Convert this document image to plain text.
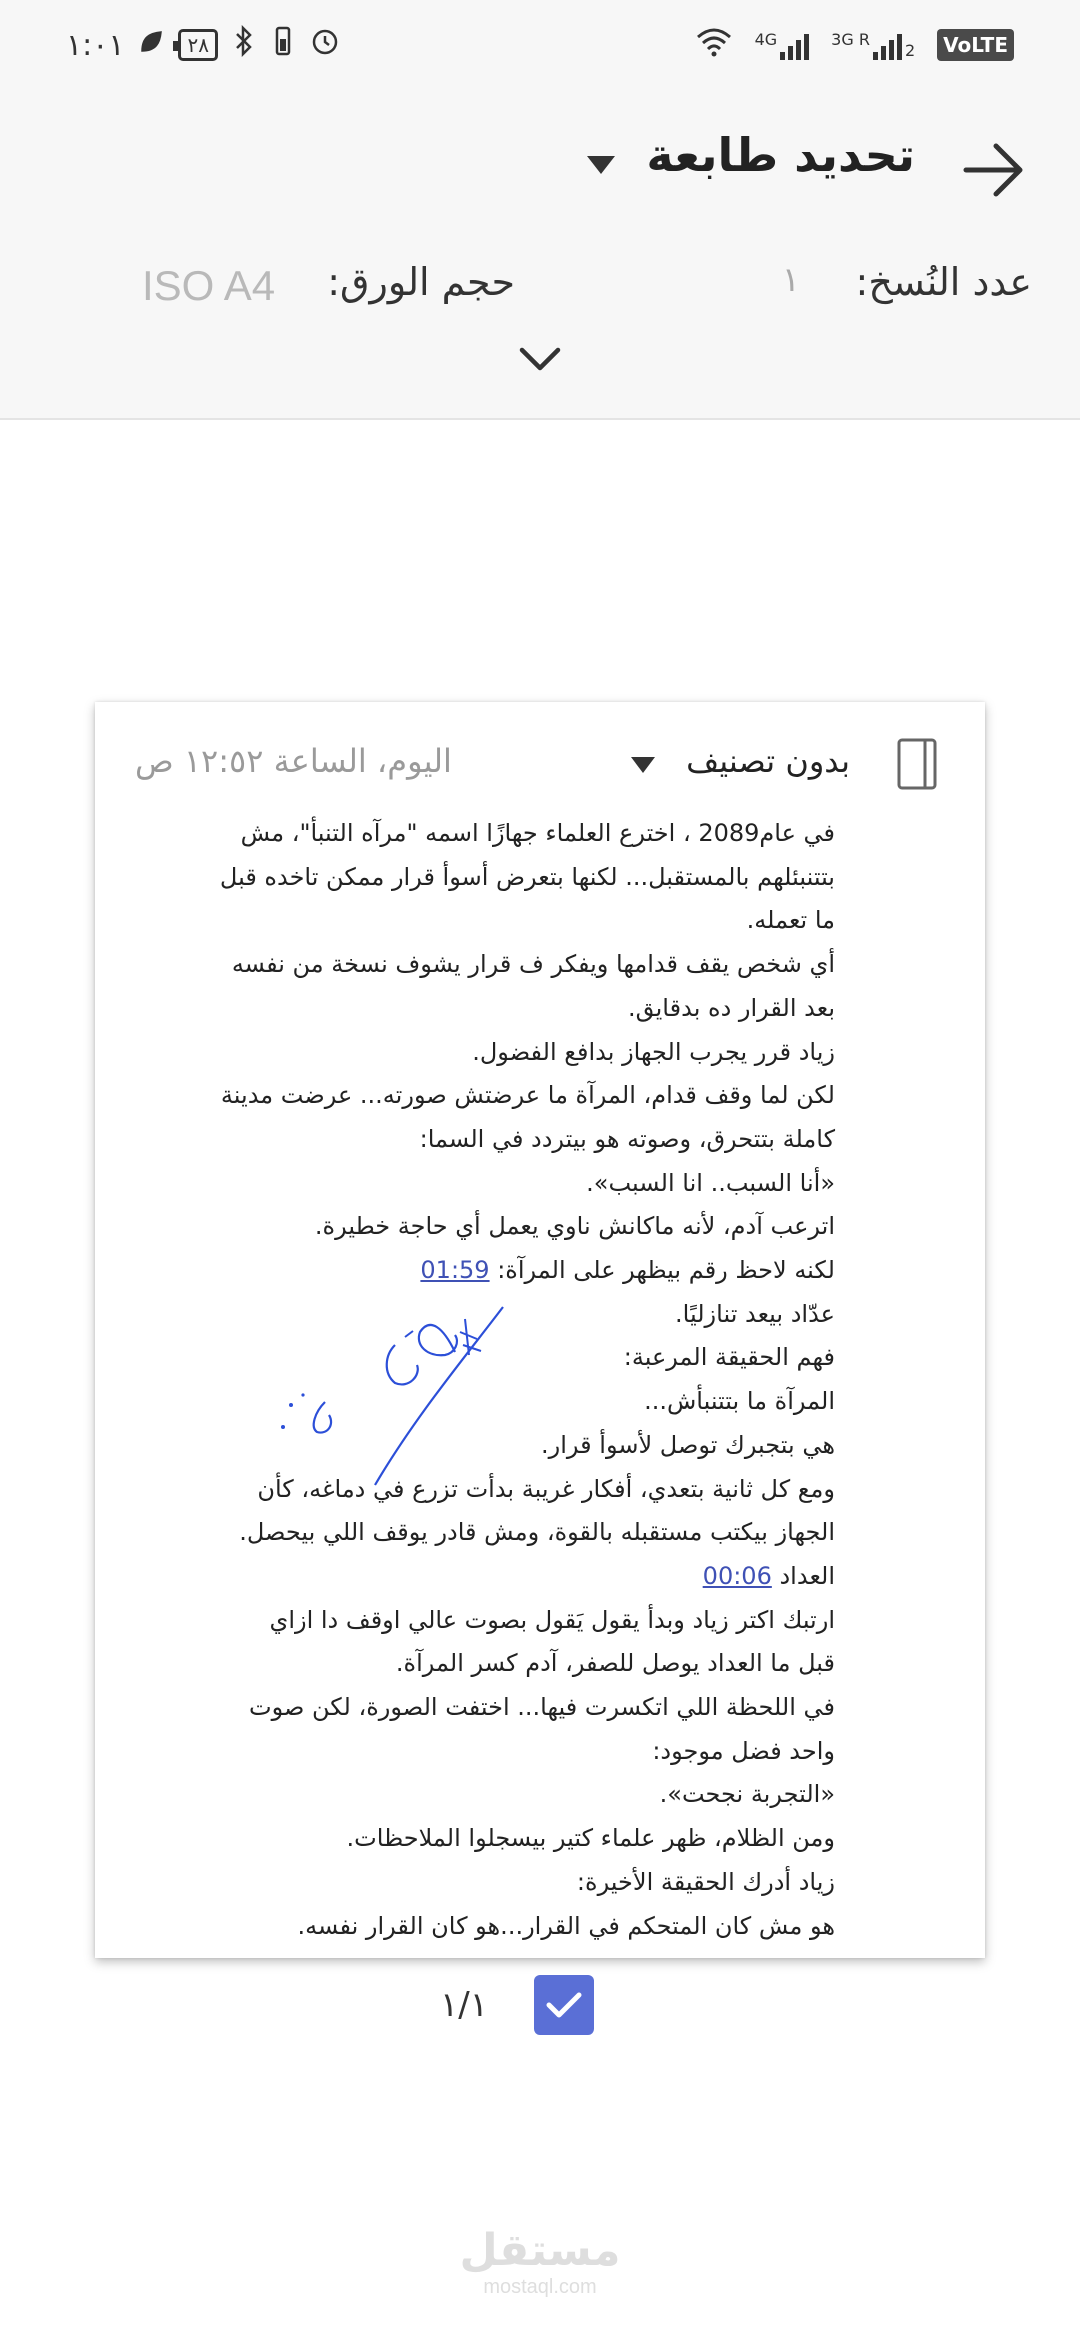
١:٠١	٢٨	4G	3G R
2	VoLTE
تحديد طابعة
عدد النُسخ:
١
حجم الورق:
ISO A4
بدون تصنيف
اليوم، الساعة ١٢:٥٢ ص
في عام2089 ، اخترع العلماء جهازًا اسمه "مرآه التنبأ"، مش
بتتنبئلهم بالمستقبل... لكنها بتعرض أسوأ قرار ممكن تاخده قبل
ما تعمله.
أي شخص يقف قدامها ويفكر ف قرار يشوف نسخة من نفسه
بعد القرار ده بدقايق.
زياد قرر يجرب الجهاز بدافع الفضول.
لكن لما وقف قدام، المرآة ما عرضتش صورته... عرضت مدينة
كاملة بتتحرق، وصوته هو بيتردد في السما:
«أنا السبب.. انا السبب».
اترعب آدم، لأنه ماكانش ناوي يعمل أي حاجة خطيرة.
لكنه لاحظ رقم بيظهر على المرآة: 01:59
عدّاد بيعد تنازليًا.
فهم الحقيقة المرعبة:
المرآة ما بتتنبأش...
هي بتجبرك توصل لأسوأ قرار.
ومع كل ثانية بتعدي، أفكار غريبة بدأت تزرع في دماغه، كأن
الجهاز بيكتب مستقبله بالقوة، ومش قادر يوقف اللي بيحصل.
العداد 00:06
ارتبك اكتر زياد وبدأ يقول يَقول بصوت عالي اوقف دا ازاي
قبل ما العداد يوصل للصفر، آدم كسر المرآة.
في اللحظة اللي اتكسرت فيها... اختفت الصورة، لكن صوت
واحد فضل موجود:
«التجربة نجحت».
ومن الظلام، ظهر علماء كتير بيسجلوا الملاحظات.
زياد أدرك الحقيقة الأخيرة:
هو مش كان المتحكم في القرار...هو كان القرار نفسه.
١/١
مستقل
mostaql.com
